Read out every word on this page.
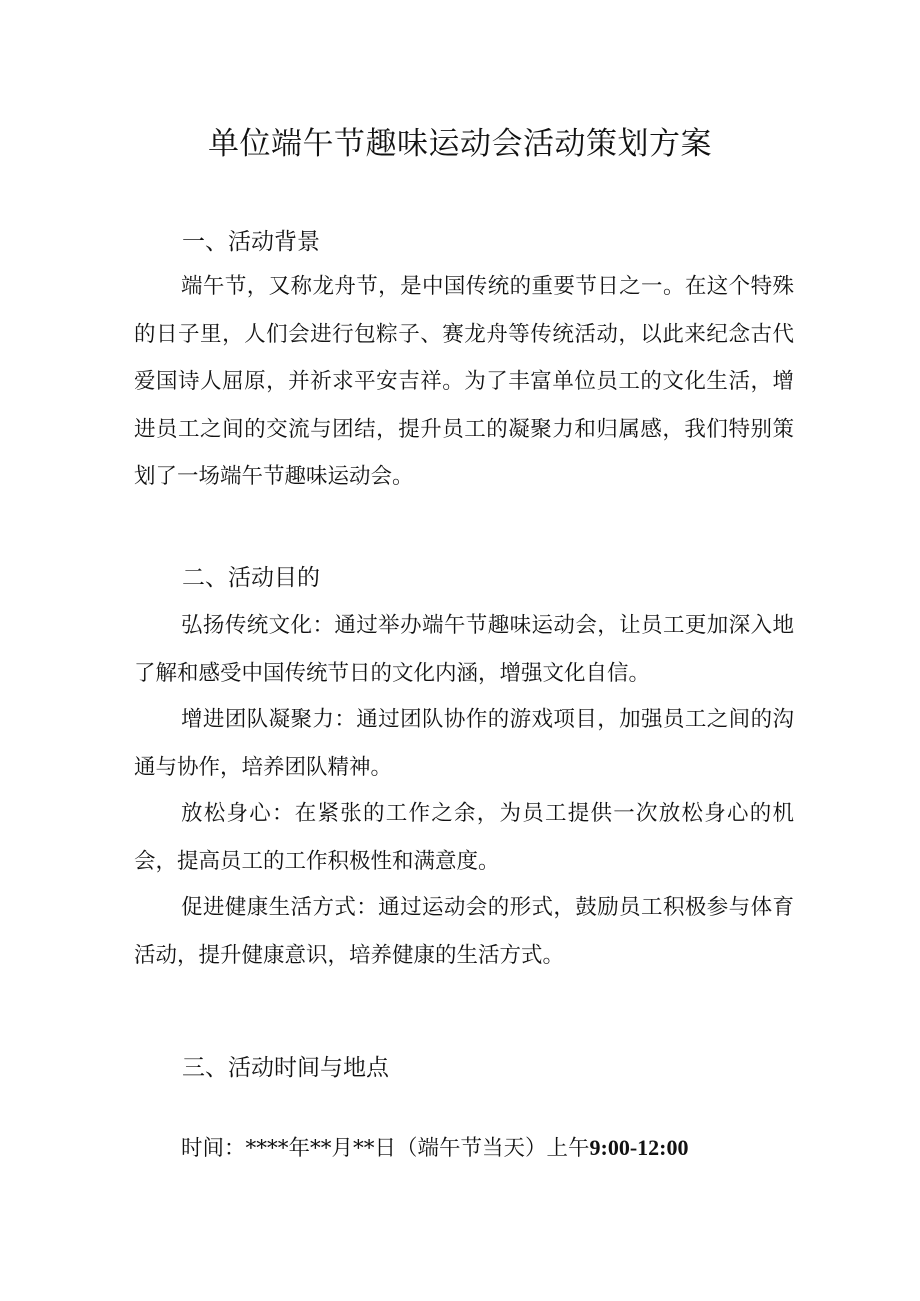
单位端午节趣味运动会活动策划方案
一、活动背景
端午节，又称龙舟节，是中国传统的重要节日之一。在这个特殊的日子里，人们会进行包粽子、赛龙舟等传统活动，以此来纪念古代爱国诗人屈原，并祈求平安吉祥。为了丰富单位员工的文化生活，增进员工之间的交流与团结，提升员工的凝聚力和归属感，我们特别策划了一场端午节趣味运动会。
二、活动目的
弘扬传统文化：通过举办端午节趣味运动会，让员工更加深入地了解和感受中国传统节日的文化内涵，增强文化自信。
增进团队凝聚力：通过团队协作的游戏项目，加强员工之间的沟通与协作，培养团队精神。
放松身心：在紧张的工作之余，为员工提供一次放松身心的机会，提高员工的工作积极性和满意度。
促进健康生活方式：通过运动会的形式，鼓励员工积极参与体育活动，提升健康意识，培养健康的生活方式。
三、活动时间与地点
时间：****年**月**日（端午节当天）上午9:00-12:00
